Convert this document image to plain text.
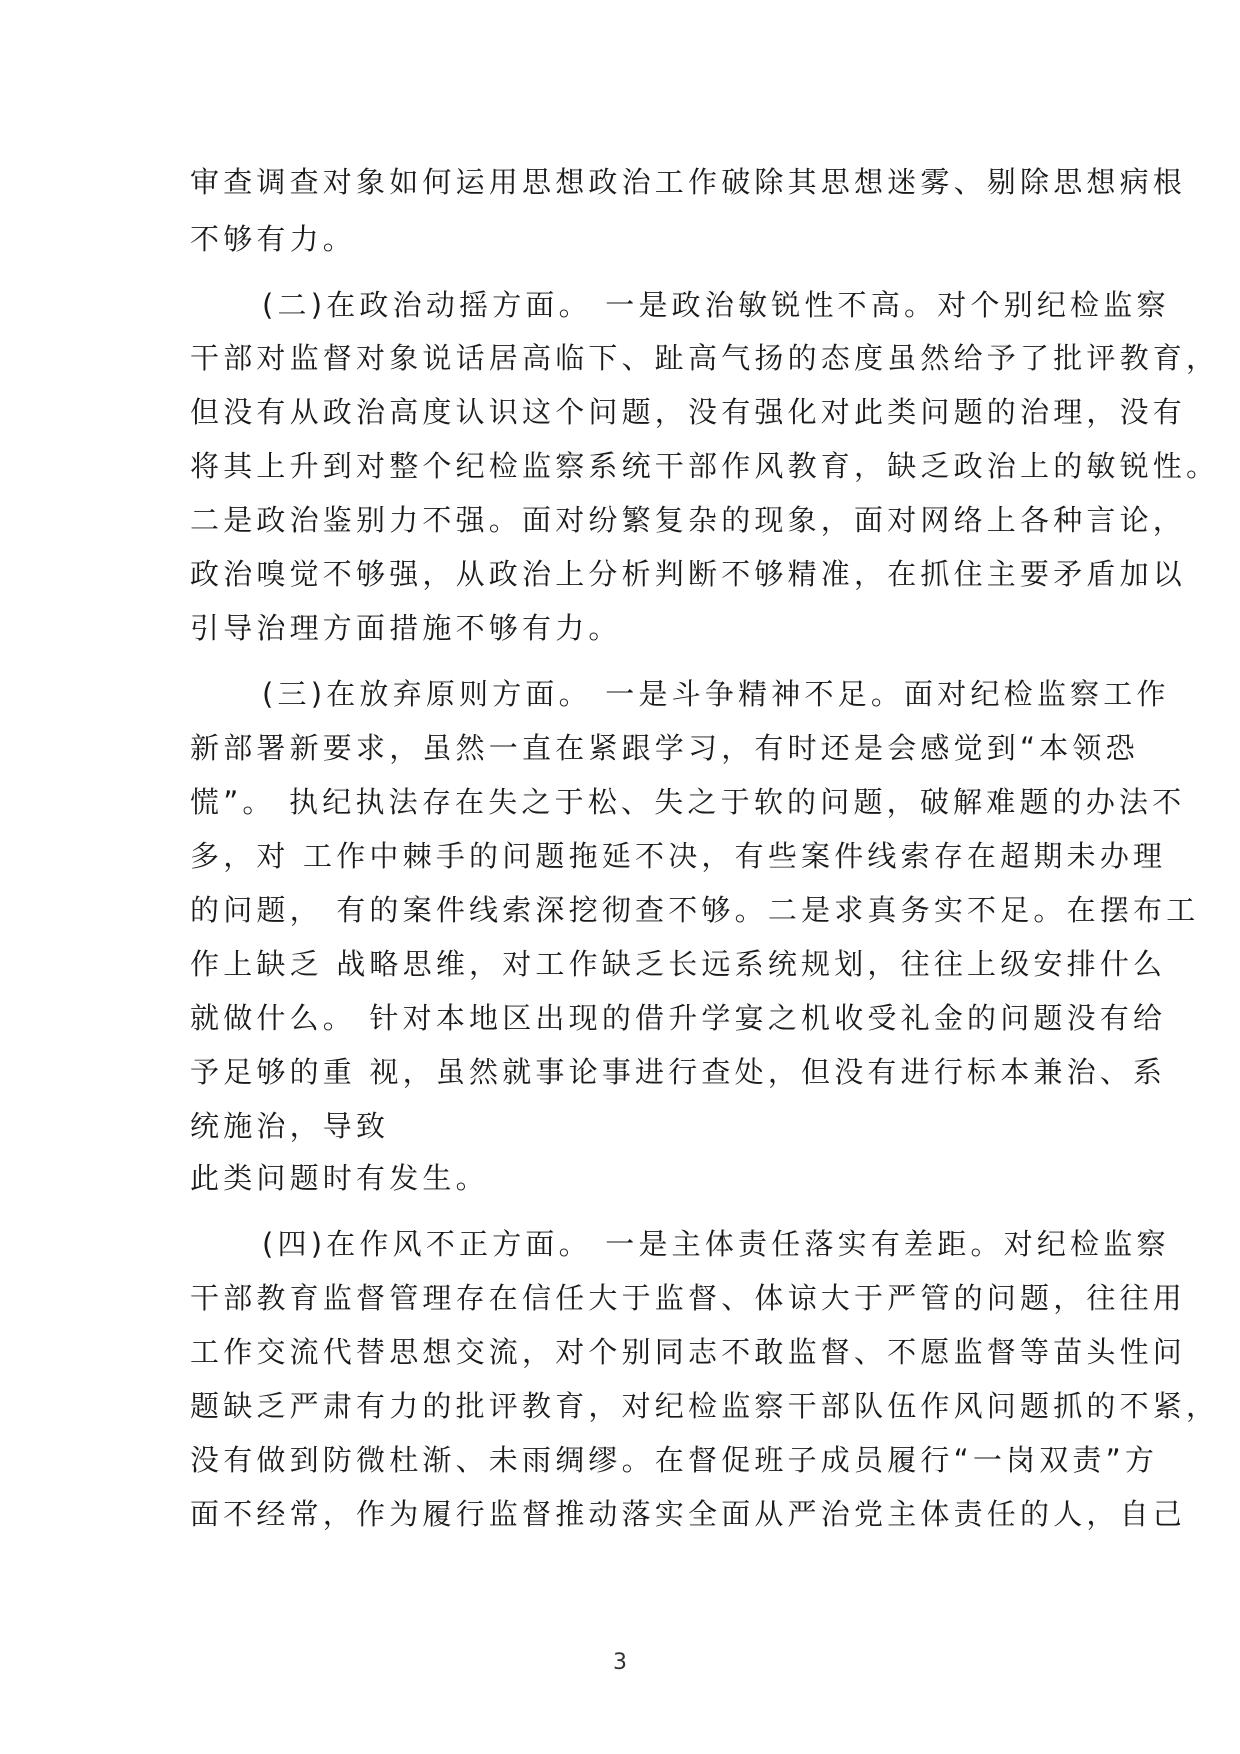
审查调查对象如何运用思想政治工作破除其思想迷雾、剔除思想病根
不够有力。
(二)在政治动摇方面。 一是政治敏锐性不高。对个别纪检监察
干部对监督对象说话居高临下、趾高气扬的态度虽然给予了批评教育，
但没有从政治高度认识这个问题，没有强化对此类问题的治理，没有
将其上升到对整个纪检监察系统干部作风教育，缺乏政治上的敏锐性。
二是政治鉴别力不强。面对纷繁复杂的现象，面对网络上各种言论，
政治嗅觉不够强，从政治上分析判断不够精准，在抓住主要矛盾加以
引导治理方面措施不够有力。
(三)在放弃原则方面。 一是斗争精神不足。面对纪检监察工作
新部署新要求，虽然一直在紧跟学习，有时还是会感觉到“本领恐
慌”。 执纪执法存在失之于松、失之于软的问题，破解难题的办法不
多，对 工作中棘手的问题拖延不决，有些案件线索存在超期未办理
的问题， 有的案件线索深挖彻查不够。二是求真务实不足。在摆布工
作上缺乏 战略思维，对工作缺乏长远系统规划，往往上级安排什么
就做什么。 针对本地区出现的借升学宴之机收受礼金的问题没有给
予足够的重 视，虽然就事论事进行查处，但没有进行标本兼治、系
统施治，导致
此类问题时有发生。
(四)在作风不正方面。 一是主体责任落实有差距。对纪检监察
干部教育监督管理存在信任大于监督、体谅大于严管的问题，往往用
工作交流代替思想交流，对个别同志不敢监督、不愿监督等苗头性问
题缺乏严肃有力的批评教育，对纪检监察干部队伍作风问题抓的不紧，
没有做到防微杜渐、未雨绸缪。在督促班子成员履行“一岗双责”方
面不经常，作为履行监督推动落实全面从严治党主体责任的人，自己
3
